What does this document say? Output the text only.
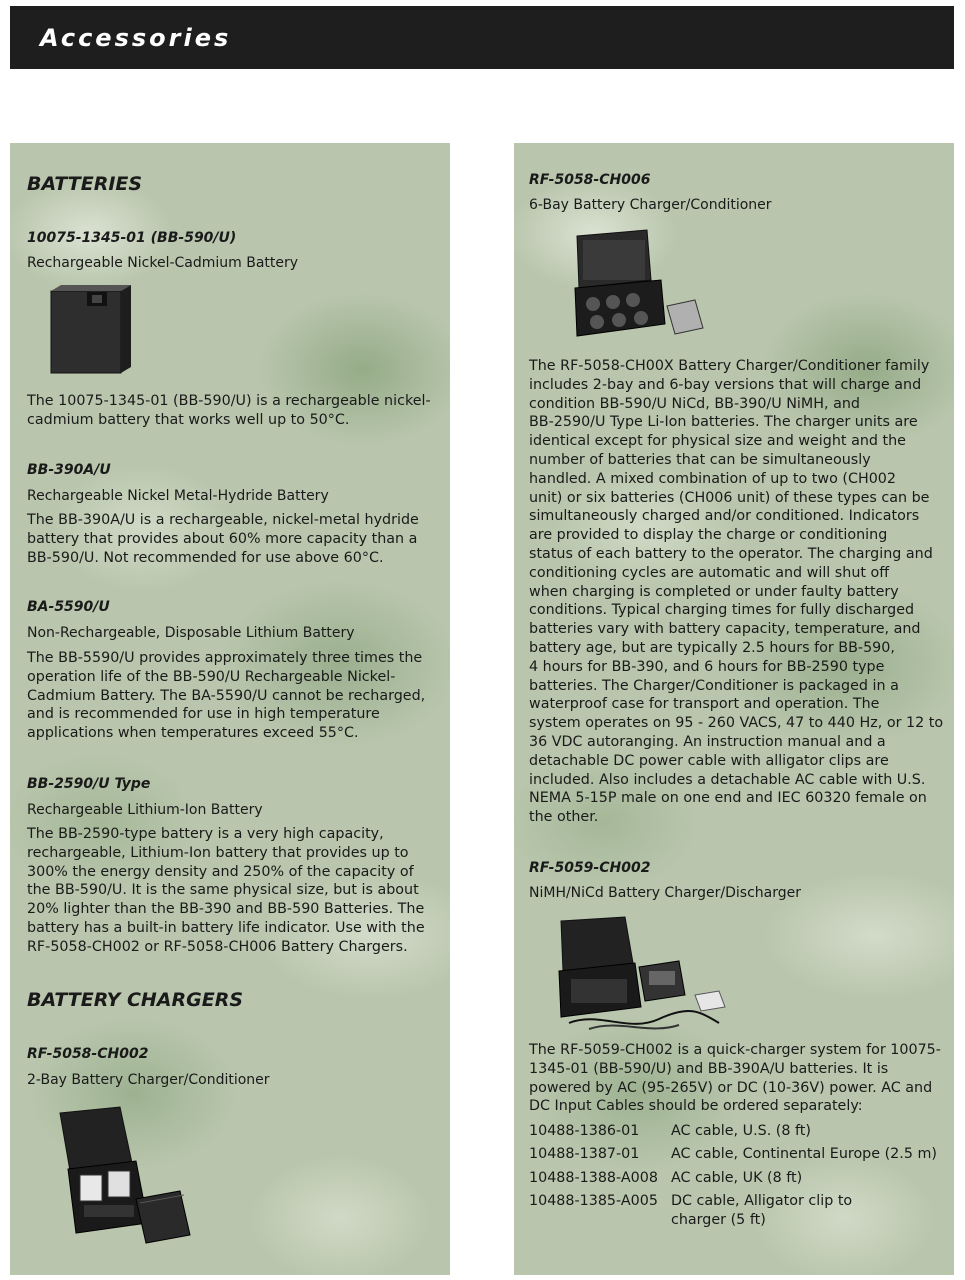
Accessories
BATTERIES
10075-1345-01 (BB-590/U)
Rechargeable Nickel-Cadmium Battery
The 10075-1345-01 (BB-590/U) is a rechargeable nickel-
cadmium battery that works well up to 50°C.
BB-390A/U
Rechargeable Nickel Metal-Hydride Battery
The BB-390A/U is a rechargeable, nickel-metal hydride
battery that provides about 60% more capacity than a
BB-590/U. Not recommended for use above 60°C.
BA-5590/U
Non-Rechargeable, Disposable Lithium Battery
The BB-5590/U provides approximately three times the
operation life of the BB-590/U Rechargeable Nickel-
Cadmium Battery. The BA-5590/U cannot be recharged,
and is recommended for use in high temperature
applications when temperatures exceed 55°C.
BB-2590/U Type
Rechargeable Lithium-Ion Battery
The BB-2590-type battery is a very high capacity,
rechargeable, Lithium-Ion battery that provides up to
300% the energy density and 250% of the capacity of
the BB-590/U. It is the same physical size, but is about
20% lighter than the BB-390 and BB-590 Batteries. The
battery has a built-in battery life indicator. Use with the
RF-5058-CH002 or RF-5058-CH006 Battery Chargers.
BATTERY CHARGERS
RF-5058-CH002
2-Bay Battery Charger/Conditioner
RF-5058-CH006
6-Bay Battery Charger/Conditioner
The RF-5058-CH00X Battery Charger/Conditioner family
includes 2-bay and 6-bay versions that will charge and
condition BB-590/U NiCd, BB-390/U NiMH, and
BB-2590/U Type Li-Ion batteries. The charger units are
identical except for physical size and weight and the
number of batteries that can be simultaneously
handled. A mixed combination of up to two (CH002
unit) or six batteries (CH006 unit) of these types can be
simultaneously charged and/or conditioned. Indicators
are provided to display the charge or conditioning
status of each battery to the operator. The charging and
conditioning cycles are automatic and will shut off
when charging is completed or under faulty battery
conditions. Typical charging times for fully discharged
batteries vary with battery capacity, temperature, and
battery age, but are typically 2.5 hours for BB-590,
4 hours for BB-390, and 6 hours for BB-2590 type
batteries. The Charger/Conditioner is packaged in a
waterproof case for transport and operation. The
system operates on 95 - 260 VACS, 47 to 440 Hz, or 12 to
36 VDC autoranging. An instruction manual and a
detachable DC power cable with alligator clips are
included. Also includes a detachable AC cable with U.S.
NEMA 5-15P male on one end and IEC 60320 female on
the other.
RF-5059-CH002
NiMH/NiCd Battery Charger/Discharger
The RF-5059-CH002 is a quick-charger system for 10075-
1345-01 (BB-590/U) and BB-390A/U batteries. It is
powered by AC (95-265V) or DC (10-36V) power. AC and
DC Input Cables should be ordered separately:
10488-1386-01	AC cable, U.S. (8 ft)
10488-1387-01	AC cable, Continental Europe (2.5 m)
10488-1388-A008	AC cable, UK (8 ft)
10488-1385-A005	DC cable, Alligator clip to
charger (5 ft)
